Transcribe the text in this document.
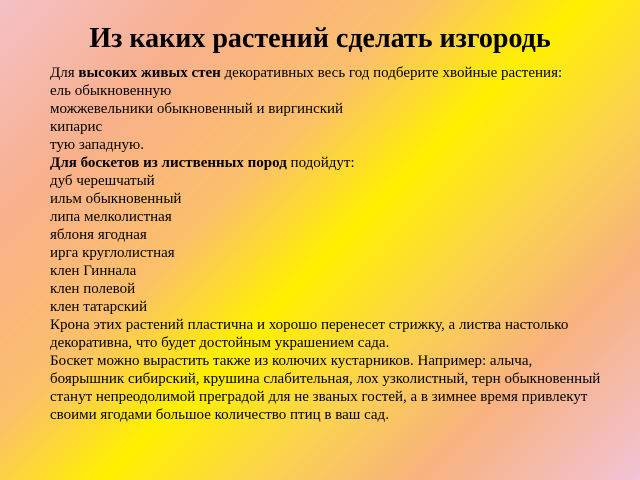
Из каких растений сделать изгородь

Для высоких живых стен декоративных весь год подберите хвойные растения:

ель обыкновенную

можжевельники обыкновенный и виргинский

кипарис

тую западную.

Для боскетов из лиственных пород подойдут:

дуб черешчатый

ильм обыкновенный

липа мелколистная

яблоня ягодная

ирга круглолистная

клен Гиннала

клен полевой

клен татарский

Крона этих растений пластична и хорошо перенесет стрижку, а листва настолько декоративна, что будет достойным украшением сада.

Боскет можно вырастить также из колючих кустарников. Например: алыча, боярышник сибирский, крушина слабительная, лох узколистный, терн обыкновенный станут непреодолимой преградой для не званых гостей, а в зимнее время привлекут своими ягодами большое количество птиц в ваш сад.
